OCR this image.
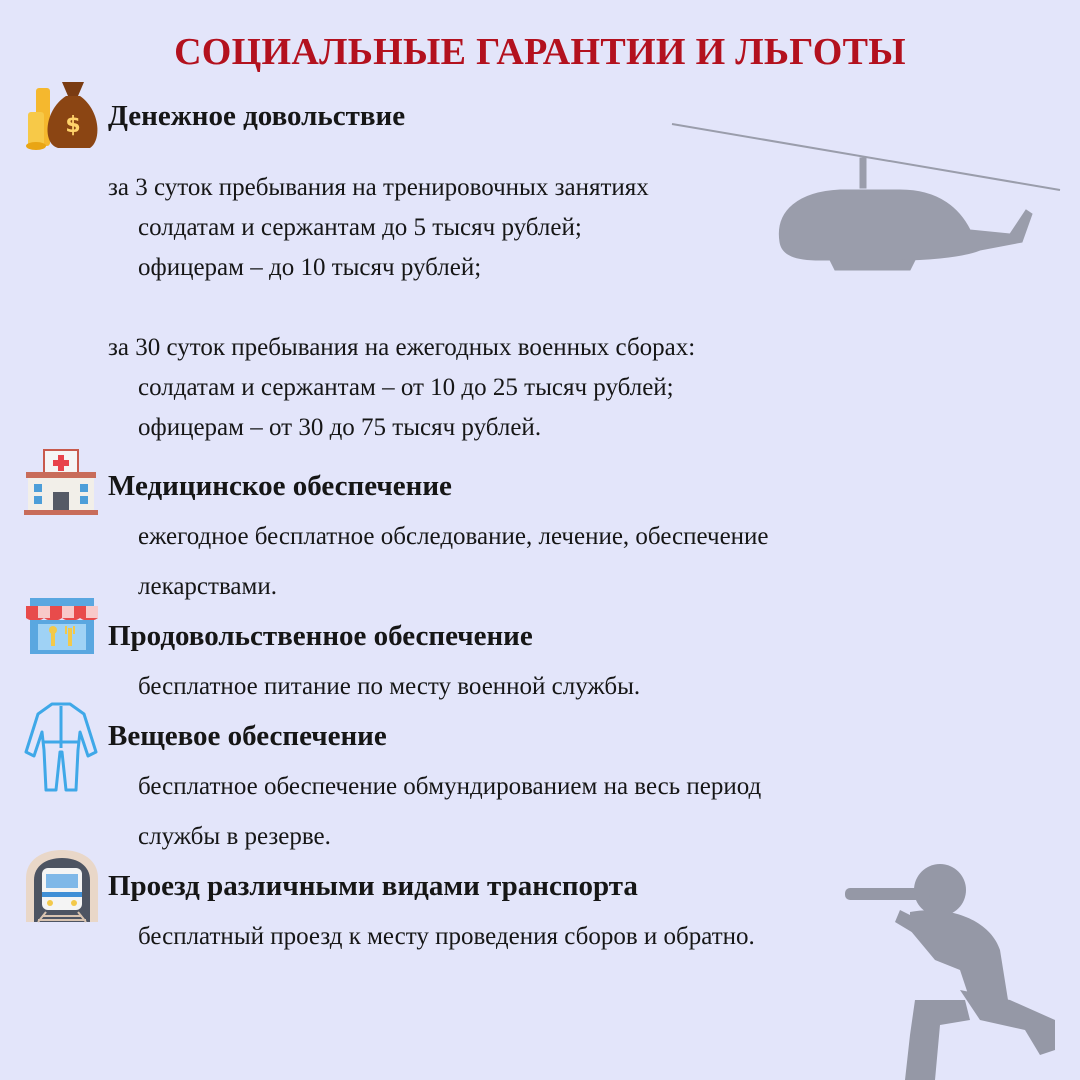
СОЦИАЛЬНЫЕ ГАРАНТИИ И ЛЬГОТЫ
$ Денежное довольствие
за 3 суток пребывания на тренировочных занятиях
солдатам и сержантам до 5 тысяч рублей;
офицерам – до 10 тысяч рублей;
за 30 суток пребывания на ежегодных военных сборах:
солдатам и сержантам – от 10 до 25 тысяч рублей;
офицерам – от 30 до 75 тысяч рублей.
Медицинское обеспечение
ежегодное бесплатное обследование, лечение, обеспечение
лекарствами.
Продовольственное обеспечение
бесплатное питание по месту военной службы.
Вещевое обеспечение
бесплатное обеспечение обмундированием на весь период
службы в резерве.
Проезд различными видами транспорта
бесплатный проезд к месту проведения сборов и обратно.
